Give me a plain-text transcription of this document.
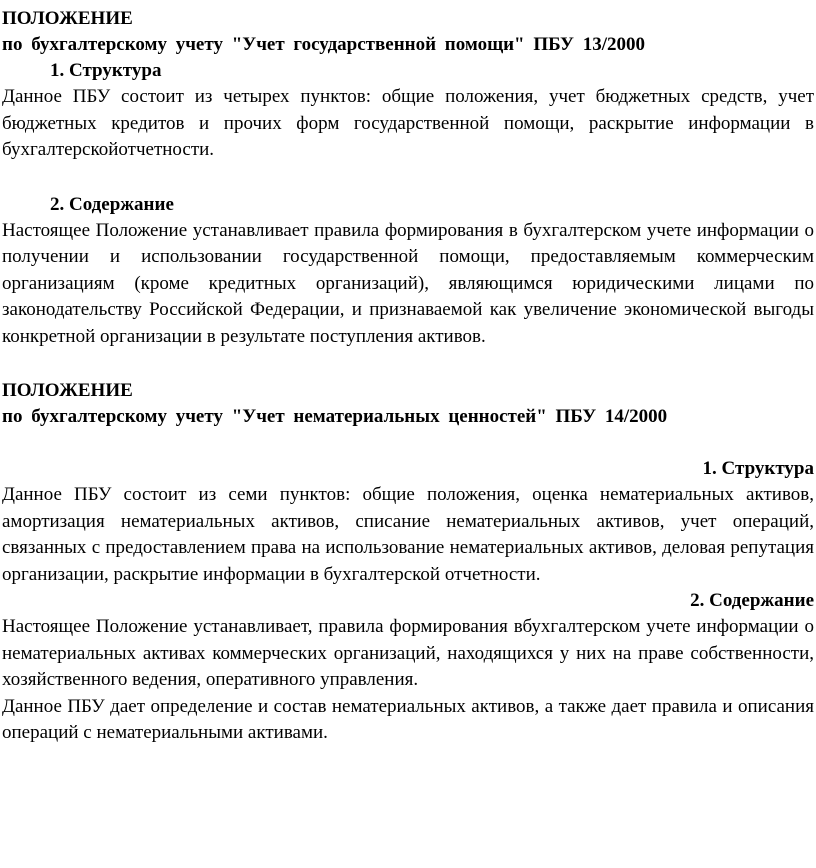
ПОЛОЖЕНИЕ

по бухгалтерскому учету "Учет государственной помощи" ПБУ 13/2000

1. Структура

Данное ПБУ состоит из четырех пунктов: общие положения, учет бюджетных средств, учет бюджетных кредитов и прочих форм государственной помощи, раскрытие информации в бухгалтерскойотчетности.

2. Содержание

Настоящее Положение устанавливает правила формирования в бухгалтерском учете информации о получении и использовании государственной помощи, предоставляемым коммерческим организациям (кроме кредитных организаций), являющимся юридическими лицами по законодательству Российской Федерации, и признаваемой как увеличение экономической выгоды конкретной организации в результате поступления активов.

ПОЛОЖЕНИЕ

по бухгалтерскому учету "Учет нематериальных ценностей" ПБУ 14/2000

1. Структура

Данное ПБУ состоит из семи пунктов: общие положения, оценка нематериальных активов, амортизация нематериальных активов, списание нематериальных активов, учет операций, связанных с предоставлением права на использование нематериальных активов, деловая репутация организации, раскрытие информации в бухгалтерской отчетности.

2. Содержание

Настоящее Положение устанавливает, правила формирования вбухгалтерском учете информации о нематериальных активах коммерческих организаций, находящихся у них на праве собственности, хозяйственного ведения, оперативного управления.

Данное ПБУ дает определение и состав нематериальных активов, а также дает правила и описания операций с нематериальными активами.
